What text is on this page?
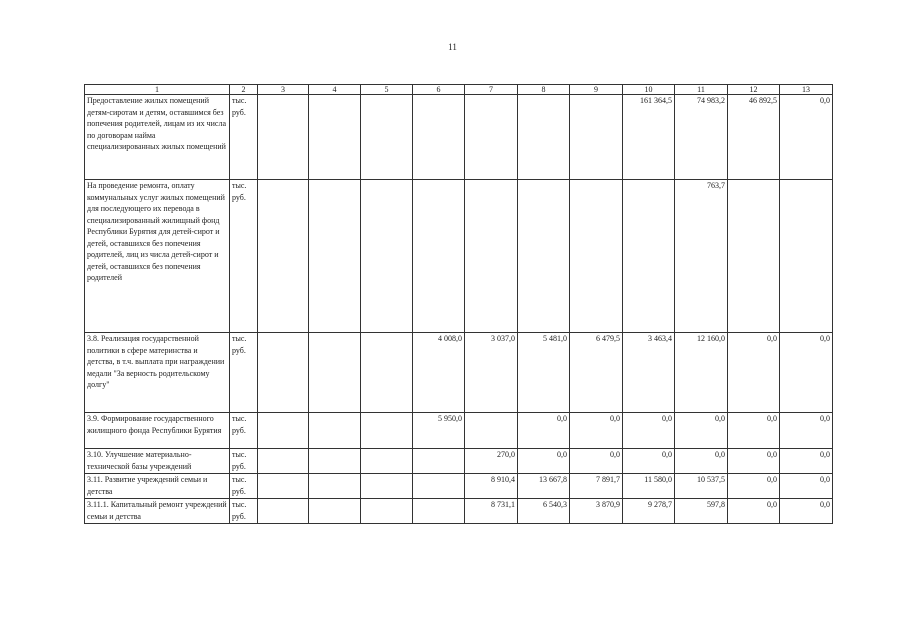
11
1	2	3	4	5	6	7	8	9	10	11	12	13
Предоставление жилых помещений детям-сиротам и детям, оставшимся без попечения родителей, лицам из их числа по договорам найма специализированных жилых помещений	тыс. руб.								161 364,5	74 983,2	46 892,5	0,0
На проведение ремонта, оплату коммунальных услуг жилых помещений для последующего их перевода в специализированный жилищный фонд Республики Бурятия для детей-сирот и детей, оставшихся без попечения родителей, лиц из числа детей-сирот и детей, оставшихся без попечения родителей	тыс. руб.									763,7		
3.8. Реализация государственной политики в сфере материнства и детства, в т.ч. выплата при награждении медали "За верность родительскому долгу"	тыс. руб.				4 008,0	3 037,0	5 481,0	6 479,5	3 463,4	12 160,0	0,0	0,0
3.9. Формирование государственного жилищного фонда Республики Бурятия	тыс. руб.				5 950,0		0,0	0,0	0,0	0,0	0,0	0,0
3.10. Улучшение материально-технической базы учреждений	тыс. руб.					270,0	0,0	0,0	0,0	0,0	0,0	0,0
3.11. Развитие учреждений семьи и детства	тыс. руб.					8 910,4	13 667,8	7 891,7	11 580,0	10 537,5	0,0	0,0
3.11.1. Капитальный ремонт учреждений семьи и детства	тыс. руб.					8 731,1	6 540,3	3 870,9	9 278,7	597,8	0,0	0,0
